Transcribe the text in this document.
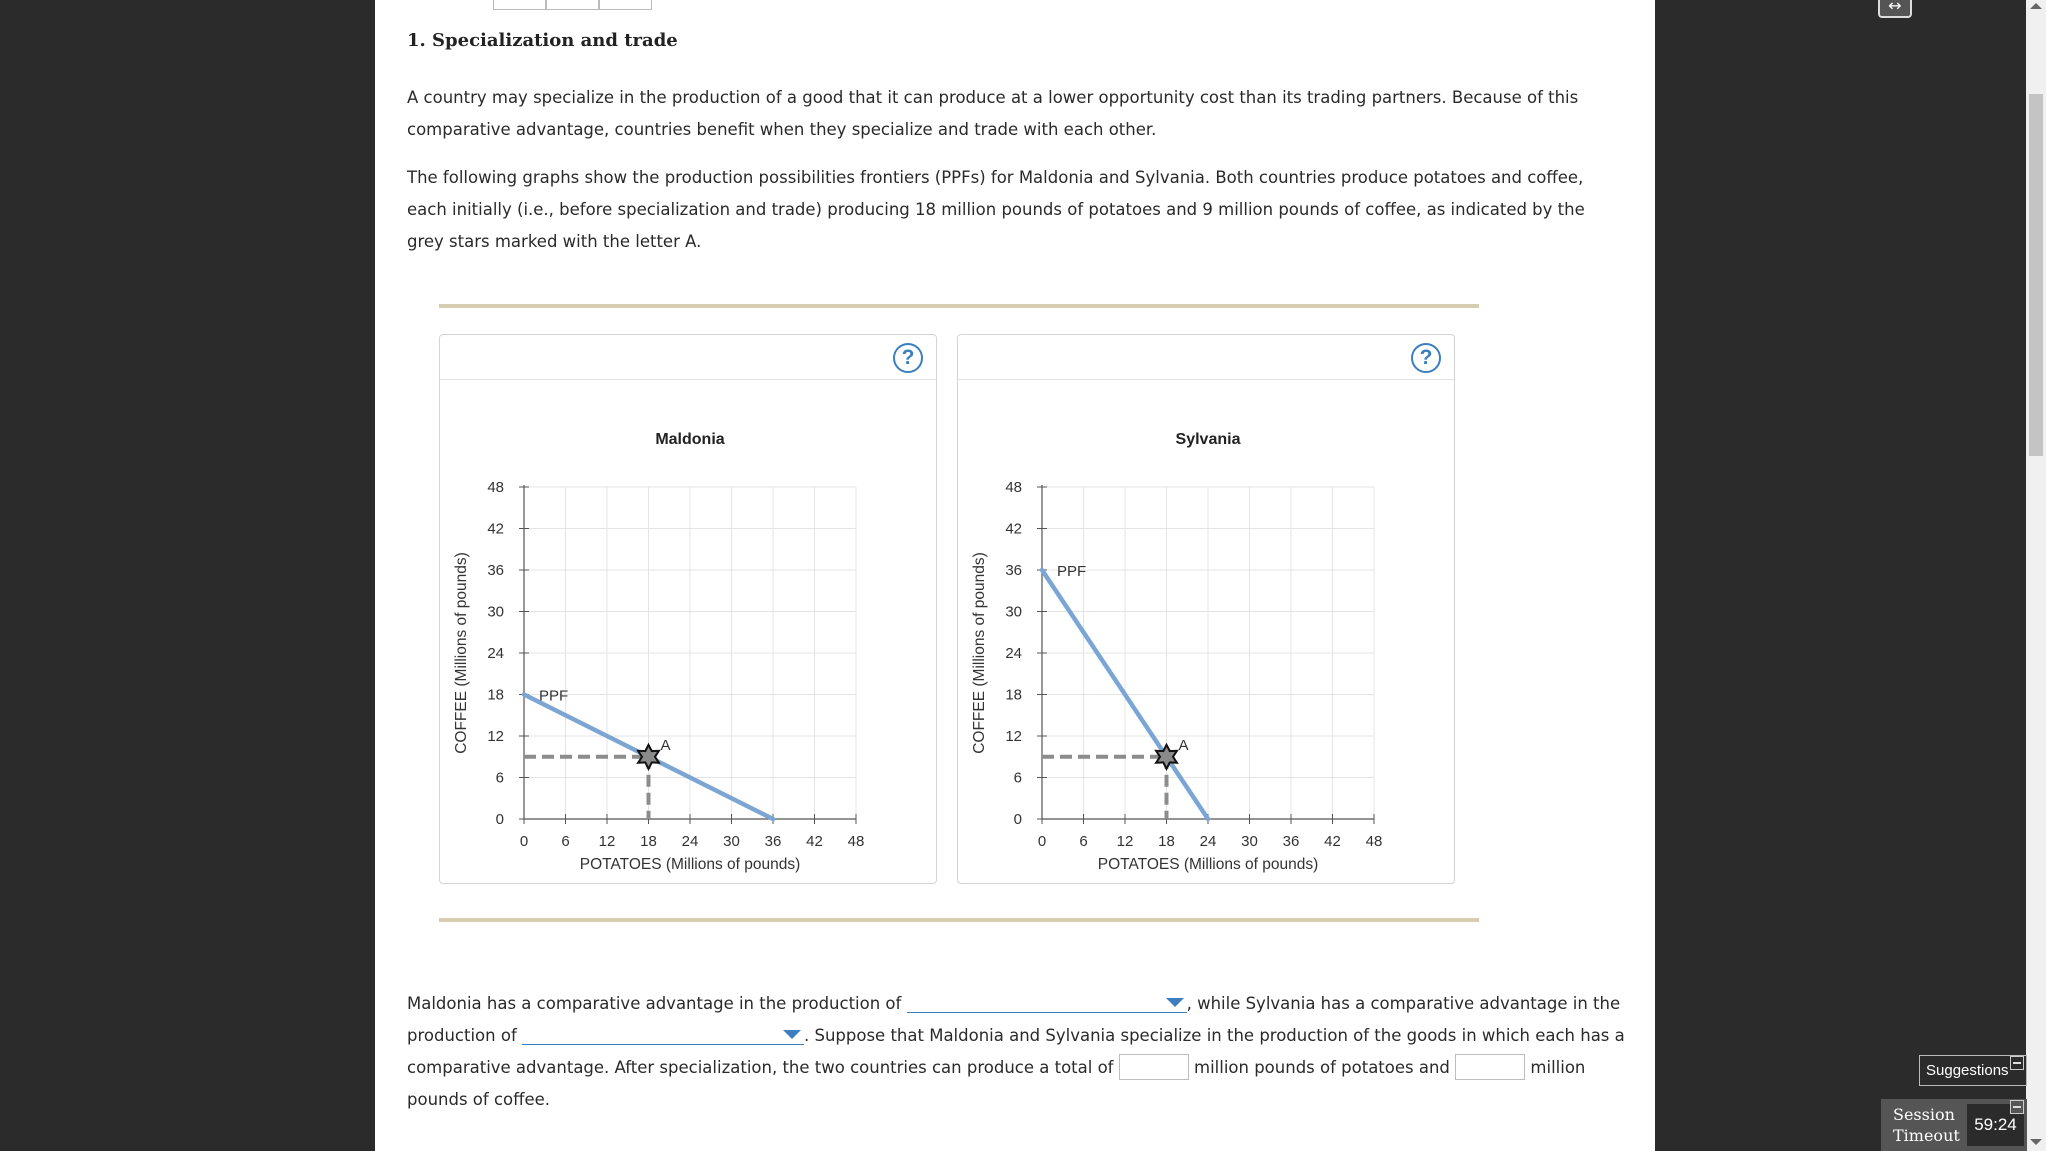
1. Specialization and trade
A country may specialize in the production of a good that it can produce at a lower opportunity cost than its trading partners. Because of this comparative advantage, countries benefit when they specialize and trade with each other.
The following graphs show the production possibilities frontiers (PPFs) for Maldonia and Sylvania. Both countries produce potatoes and coffee, each initially (i.e., before specialization and trade) producing 18 million pounds of potatoes and 9 million pounds of coffee, as indicated by the grey stars marked with the letter A.
?
Maldonia
0 6 12 18 24 30 36 42 48
0
6
12
18
24
30
36
42
48
POTATOES (Millions of pounds)
COFFEE (Millions of pounds)	PPF
A
?
Sylvania
0 6 12 18 24 30 36 42 48
0
6
12
18
24
30
36
42
48
POTATOES (Millions of pounds)
COFFEE (Millions of pounds)	PPF
A
Maldonia has a comparative advantage in the production of	, while Sylvania has a comparative advantage in the production of	. Suppose that Maldonia and Sylvania specialize in the production of the goods in which each has a comparative advantage. After specialization, the two countries can produce a total of	million pounds of potatoes and	million pounds of coffee.
↔
Suggestions
Session Timeout
59:24
